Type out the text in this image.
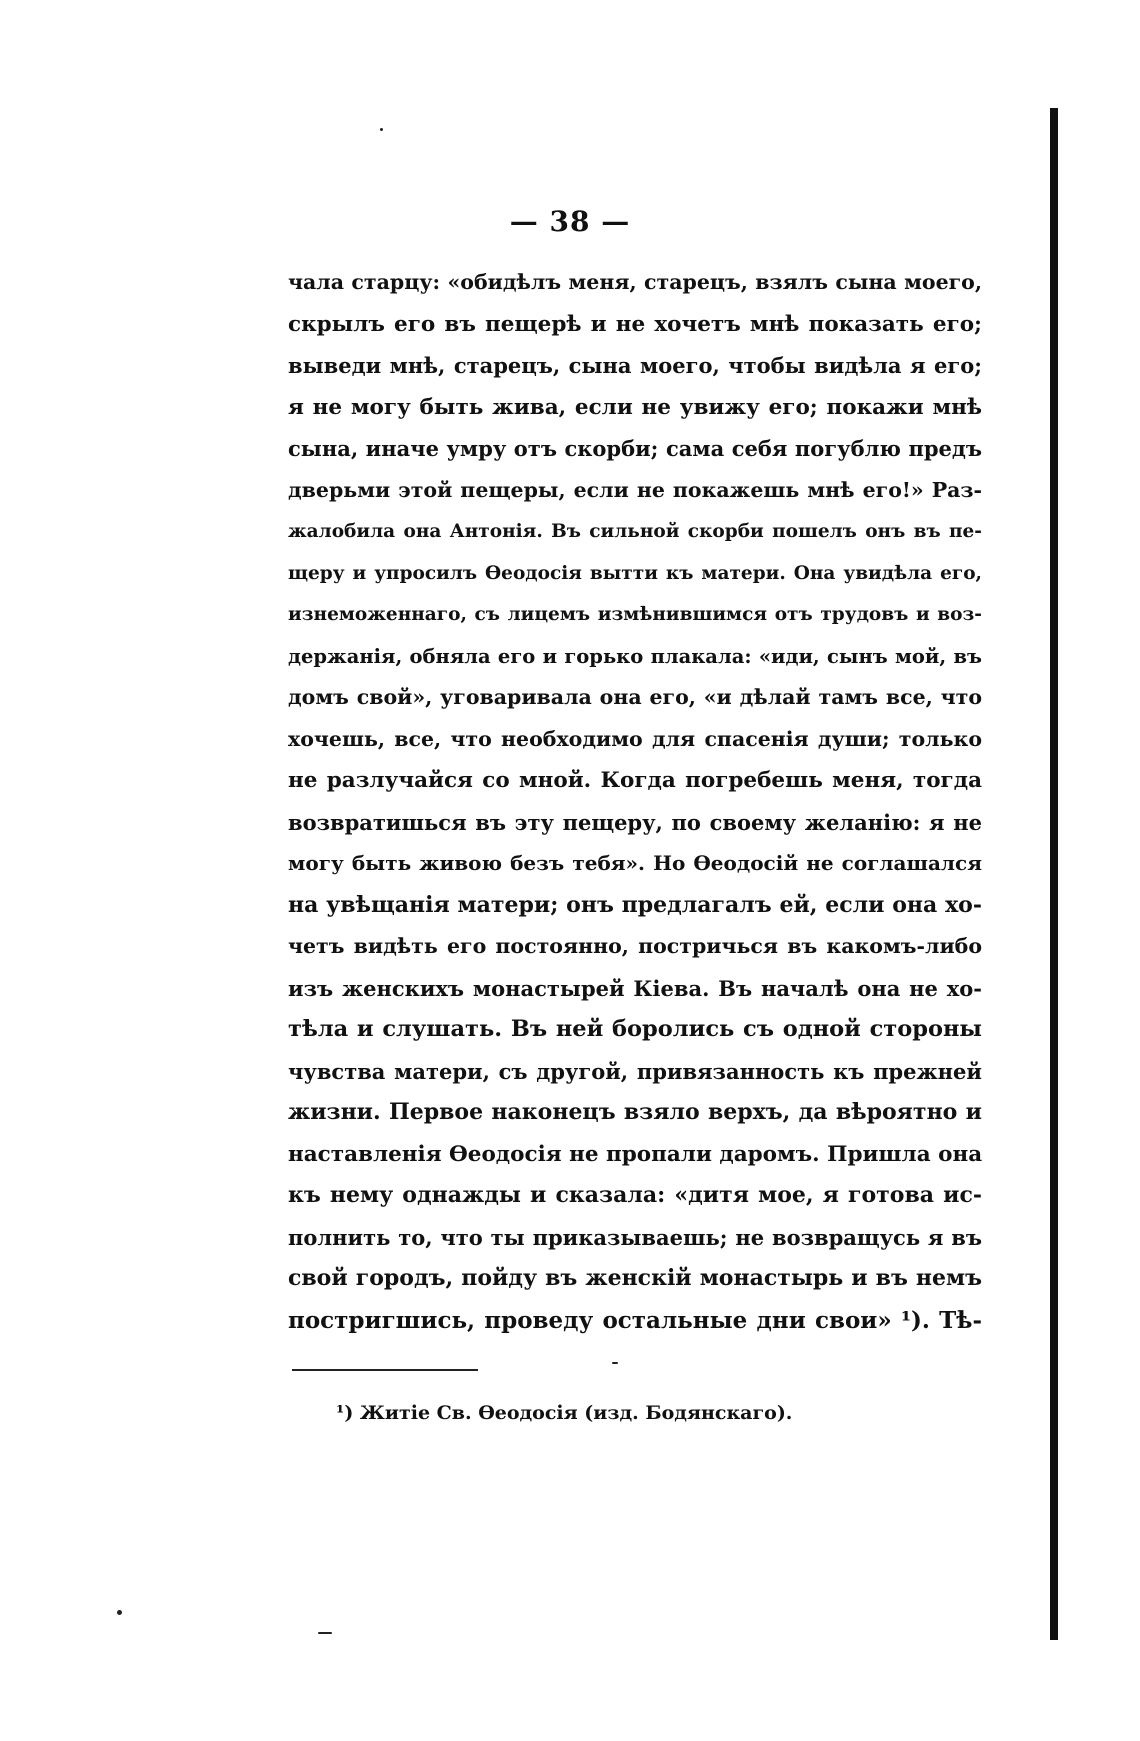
— 38 —
чала старцу: «обидѣлъ меня, старецъ, взялъ сына моего,
скрылъ его въ пещерѣ и не хочетъ мнѣ показать его;
выведи мнѣ, старецъ, сына моего, чтобы видѣла я его;
я не могу быть жива, если не увижу его; покажи мнѣ
сына, иначе умру отъ скорби; сама себя погублю предъ
дверьми этой пещеры, если не покажешь мнѣ его!» Раз-
жалобила она Антонія. Въ сильной скорби пошелъ онъ въ пе-
щеру и упросилъ Өеодосія вытти къ матери. Она увидѣла его,
изнеможеннаго, съ лицемъ измѣнившимся отъ трудовъ и воз-
держанія, обняла его и горько плакала: «иди, сынъ мой, въ
домъ свой», уговаривала она его, «и дѣлай тамъ все, что
хочешь, все, что необходимо для спасенія души; только
не разлучайся со мной. Когда погребешь меня, тогда
возвратишься въ эту пещеру, по своему желанію: я не
могу быть живою безъ тебя». Но Өеодосій не соглашался
на увѣщанія матери; онъ предлагалъ ей, если она хо-
четъ видѣть его постоянно, постричься въ какомъ-либо
изъ женскихъ монастырей Кіева. Въ началѣ она не хо-
тѣла и слушать. Въ ней боролись съ одной стороны
чувства матери, съ другой, привязанность къ прежней
жизни. Первое наконецъ взяло верхъ, да вѣроятно и
наставленія Өеодосія не пропали даромъ. Пришла она
къ нему однажды и сказала: «дитя мое, я готова ис-
полнить то, что ты приказываешь; не возвращусь я въ
свой городъ, пойду въ женскій монастырь и въ немъ
постригшись, проведу остальные дни свои» ¹). Тѣ-
¹) Житіе Св. Өеодосія (изд. Бодянскаго).
